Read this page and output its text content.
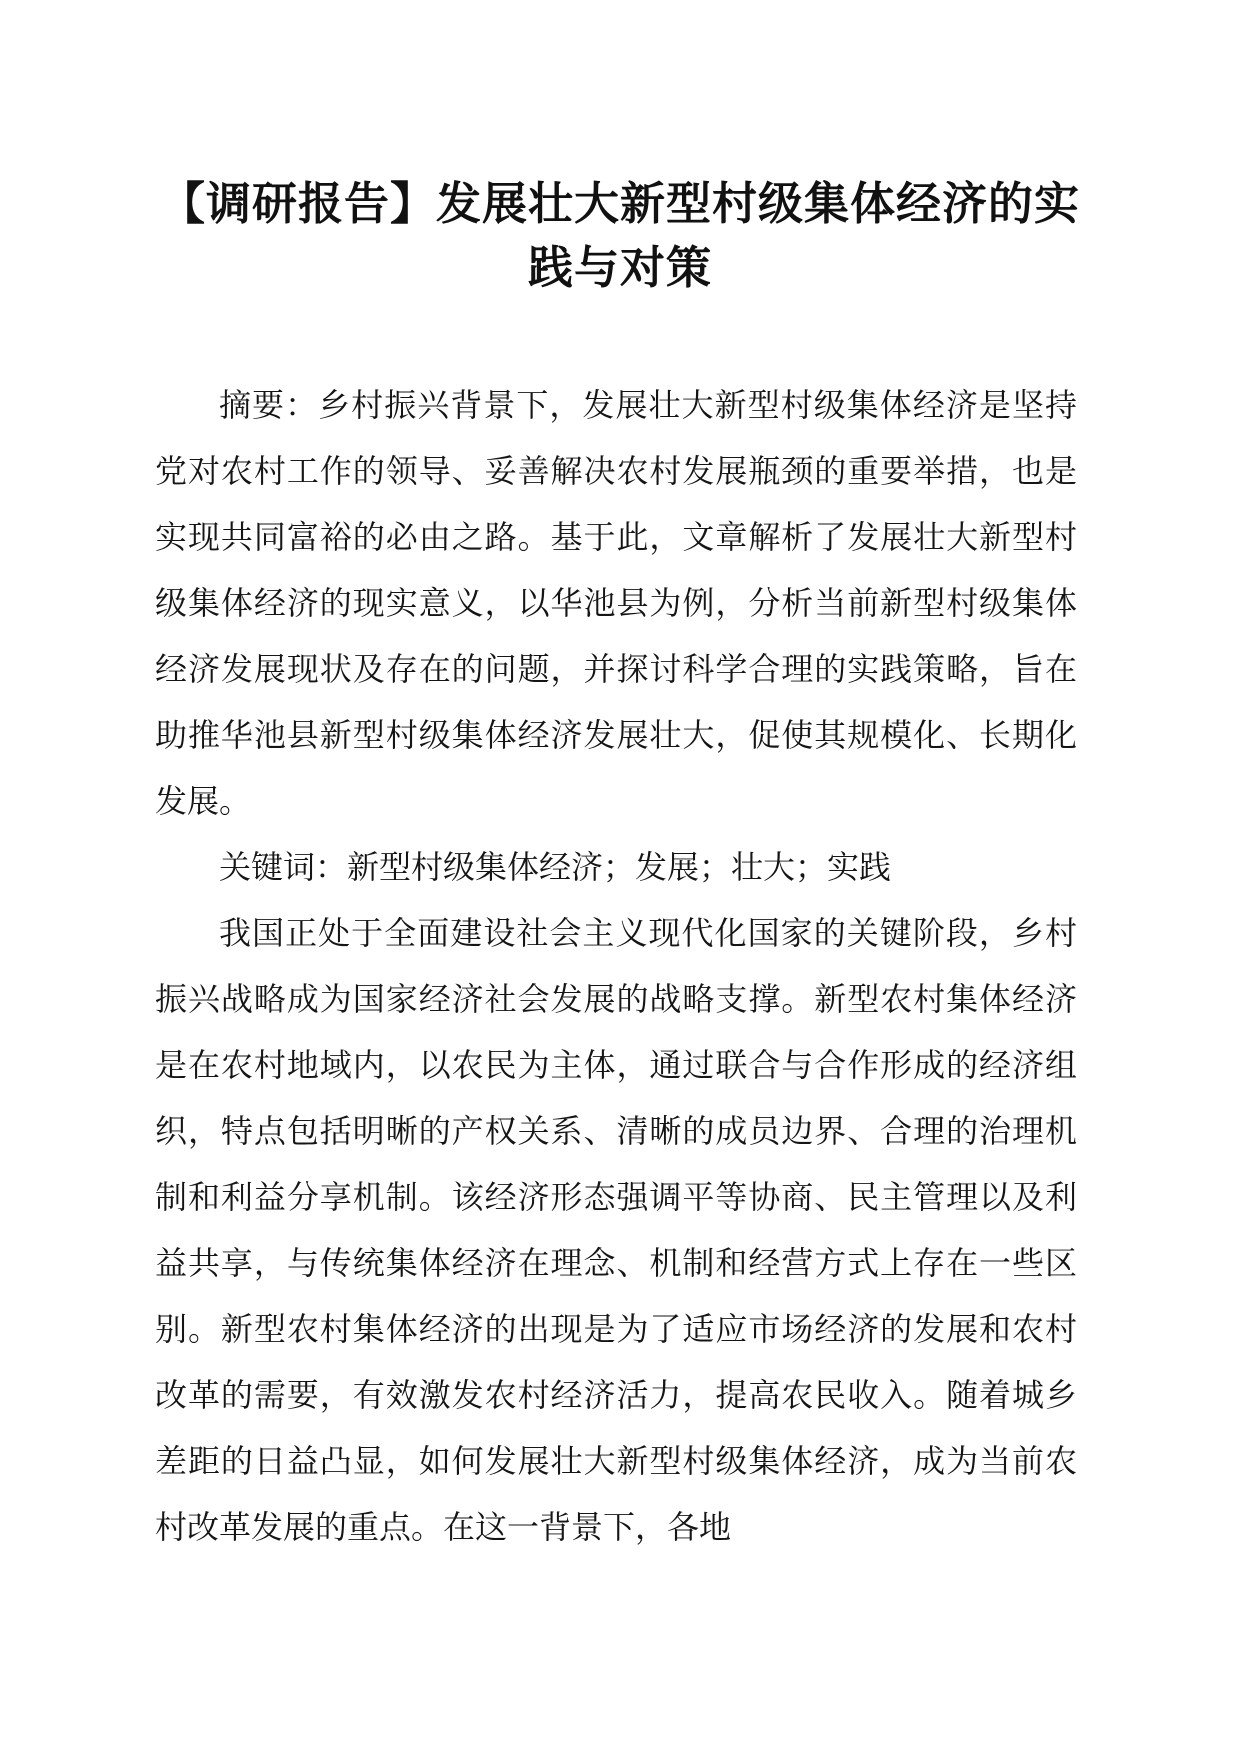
【调研报告】发展壮大新型村级集体经济的实践与对策

摘要：乡村振兴背景下，发展壮大新型村级集体经济是坚持党对农村工作的领导、妥善解决农村发展瓶颈的重要举措，也是实现共同富裕的必由之路。基于此，文章解析了发展壮大新型村级集体经济的现实意义，以华池县为例，分析当前新型村级集体经济发展现状及存在的问题，并探讨科学合理的实践策略，旨在助推华池县新型村级集体经济发展壮大，促使其规模化、长期化发展。

关键词：新型村级集体经济；发展；壮大；实践

我国正处于全面建设社会主义现代化国家的关键阶段，乡村振兴战略成为国家经济社会发展的战略支撑。新型农村集体经济是在农村地域内，以农民为主体，通过联合与合作形成的经济组织，特点包括明晰的产权关系、清晰的成员边界、合理的治理机制和利益分享机制。该经济形态强调平等协商、民主管理以及利益共享，与传统集体经济在理念、机制和经营方式上存在一些区别。新型农村集体经济的出现是为了适应市场经济的发展和农村改革的需要，有效激发农村经济活力，提高农民收入。随着城乡差距的日益凸显，如何发展壮大新型村级集体经济，成为当前农村改革发展的重点。在这一背景下，各地
